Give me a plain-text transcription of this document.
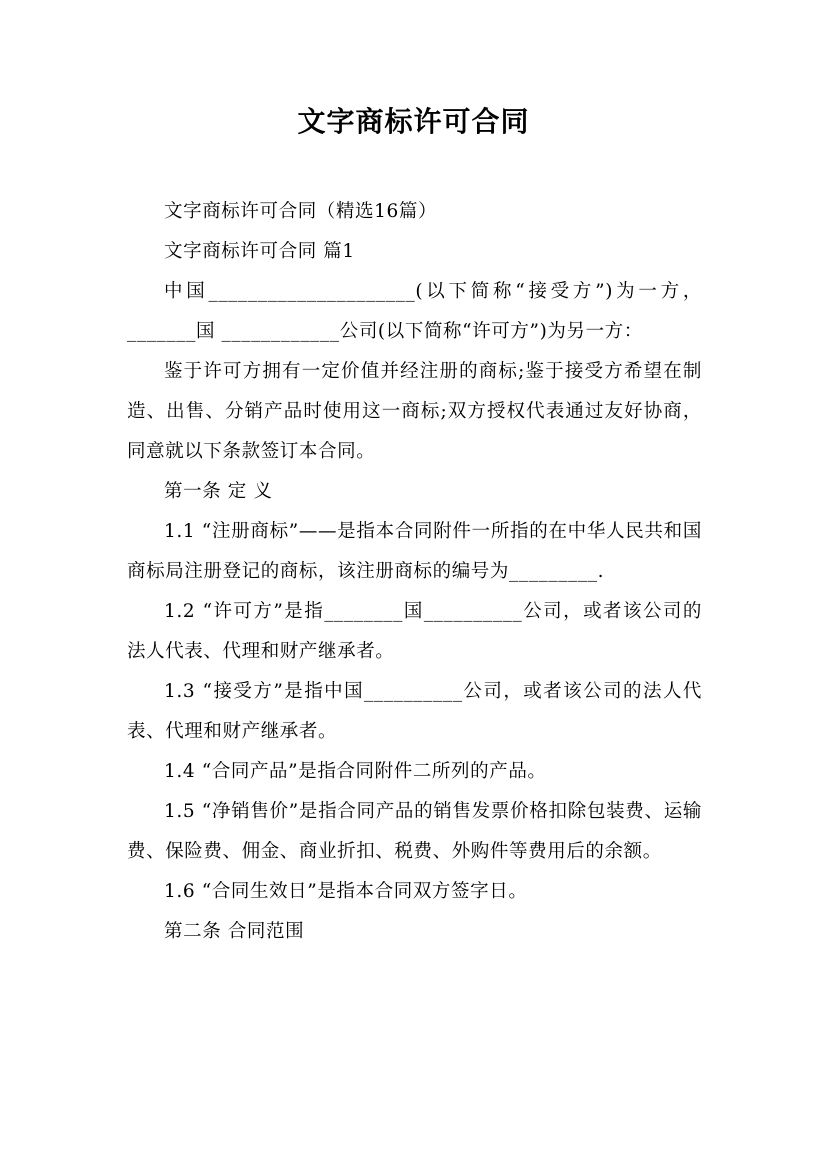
文字商标许可合同

文字商标许可合同（精选16篇）

文字商标许可合同 篇1

中国_____________________(以下简称“接受方”)为一方，_______国 ____________公司(以下简称“许可方”)为另一方：

鉴于许可方拥有一定价值并经注册的商标;鉴于接受方希望在制造、出售、分销产品时使用这一商标;双方授权代表通过友好协商，同意就以下条款签订本合同。

第一条 定 义

1.1 “注册商标”——是指本合同附件一所指的在中华人民共和国商标局注册登记的商标，该注册商标的编号为_________.

1.2 “许可方”是指________国__________公司，或者该公司的法人代表、代理和财产继承者。

1.3 “接受方”是指中国__________公司，或者该公司的法人代表、代理和财产继承者。

1.4 “合同产品”是指合同附件二所列的产品。

1.5 “净销售价”是指合同产品的销售发票价格扣除包装费、运输费、保险费、佣金、商业折扣、税费、外购件等费用后的余额。

1.6 “合同生效日”是指本合同双方签字日。

第二条 合同范围
